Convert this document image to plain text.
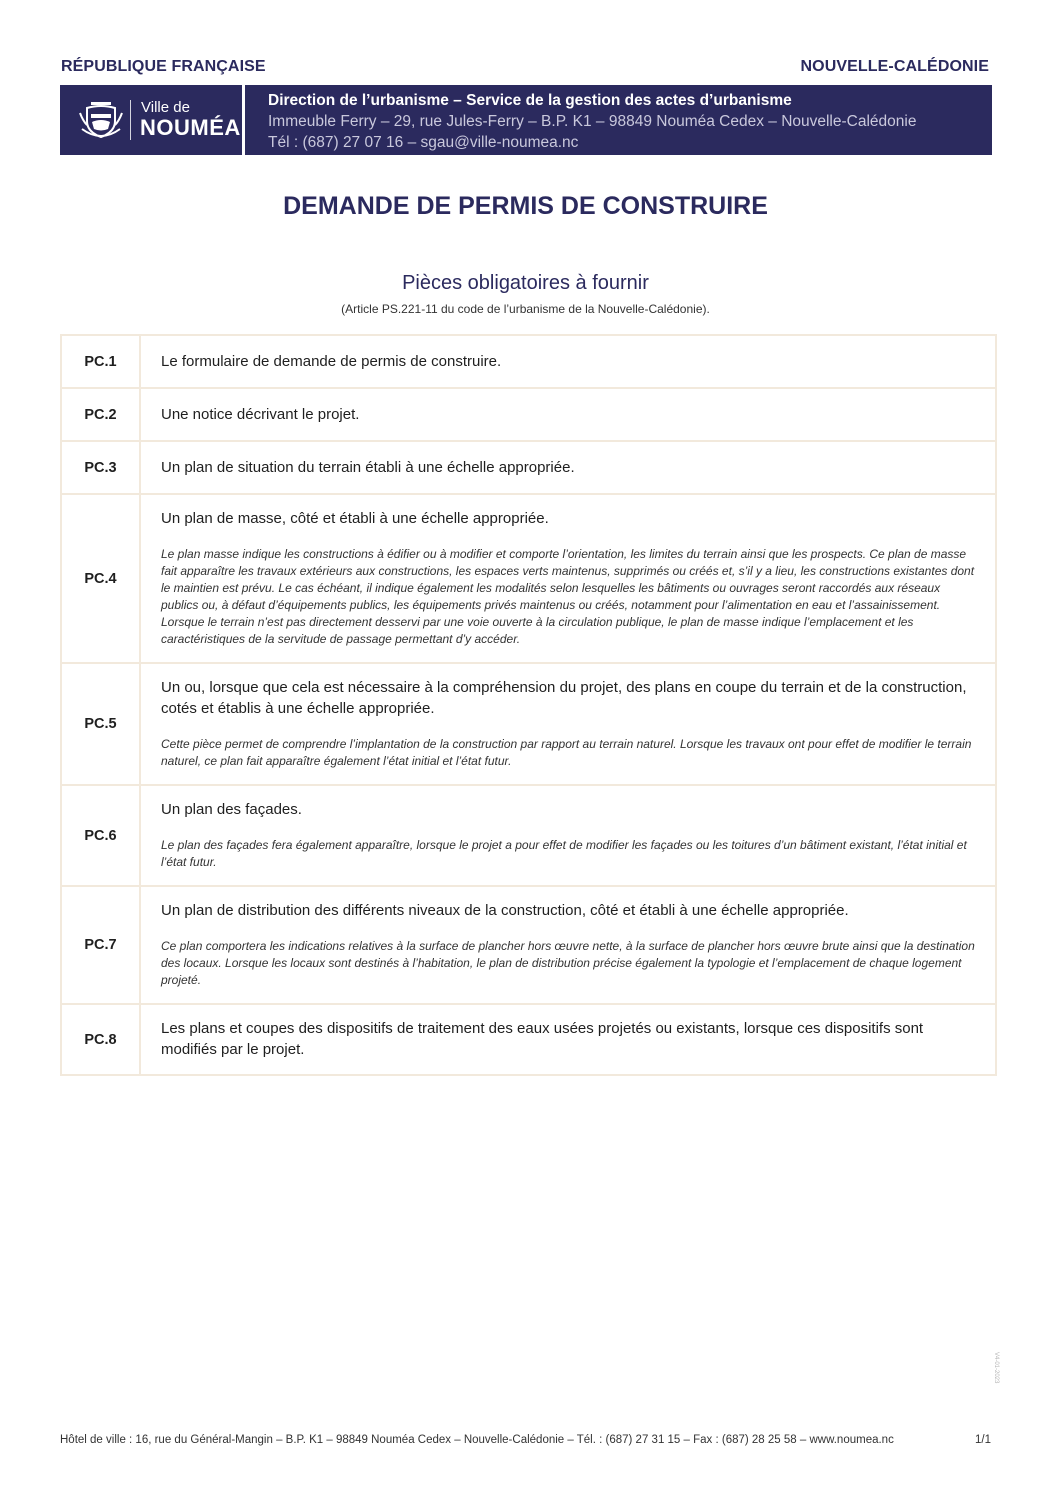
RÉPUBLIQUE FRANÇAISE	NOUVELLE-CALÉDONIE
Ville de
NOUMÉA
Direction de l’urbanisme – Service de la gestion des actes d’urbanisme
Immeuble Ferry – 29, rue Jules-Ferry – B.P. K1 – 98849 Nouméa Cedex – Nouvelle-Calédonie
Tél : (687) 27 07 16 – sgau@ville-noumea.nc
DEMANDE DE PERMIS DE CONSTRUIRE
Pièces obligatoires à fournir
(Article PS.221-11 du code de l’urbanisme de la Nouvelle-Calédonie).
PC.1	Le formulaire de demande de permis de construire.

PC.2	Une notice décrivant le projet.

PC.3	Un plan de situation du terrain établi à une échelle appropriée.

PC.4	Un plan de masse, côté et établi à une échelle appropriée.
Le plan masse indique les constructions à édifier ou à modifier et comporte l’orientation, les limites du terrain ainsi que les prospects. Ce plan de masse fait apparaître les travaux extérieurs aux constructions, les espaces verts maintenus, supprimés ou créés et, s’il y a lieu, les constructions existantes dont le maintien est prévu. Le cas échéant, il indique également les modalités selon lesquelles les bâtiments ou ouvrages seront raccordés aux réseaux publics ou, à défaut d’équipements publics, les équipements privés maintenus ou créés, notamment pour l’alimentation en eau et l’assainissement. Lorsque le terrain n’est pas directement desservi par une voie ouverte à la circulation publique, le plan de masse indique l’emplacement et les caractéristiques de la servitude de passage permettant d’y accéder.

PC.5	Un ou, lorsque que cela est nécessaire à la compréhension du projet, des plans en coupe du terrain et de la construction, cotés et établis à une échelle appropriée.
Cette pièce permet de comprendre l’implantation de la construction par rapport au terrain naturel. Lorsque les travaux ont pour effet de modifier le terrain naturel, ce plan fait apparaître également l’état initial et l’état futur.

PC.6	Un plan des façades.
Le plan des façades fera également apparaître, lorsque le projet a pour effet de modifier les façades ou les toitures d’un bâtiment existant, l’état initial et l’état futur.

PC.7	Un plan de distribution des différents niveaux de la construction, côté et établi à une échelle appropriée.
Ce plan comportera les indications relatives à la surface de plancher hors œuvre nette, à la surface de plancher hors œuvre brute ainsi que la destination des locaux. Lorsque les locaux sont destinés à l’habitation, le plan de distribution précise également la typologie et l’emplacement de chaque logement projeté.

PC.8	Les plans et coupes des dispositifs de traitement des eaux usées projetés ou existants, lorsque ces dispositifs sont modifiés par le projet.
V4-01-2023
Hôtel de ville : 16, rue du Général-Mangin – B.P. K1 – 98849 Nouméa Cedex – Nouvelle-Calédonie – Tél. : (687) 27 31 15 – Fax : (687) 28 25 58 – www.noumea.nc	1/1
